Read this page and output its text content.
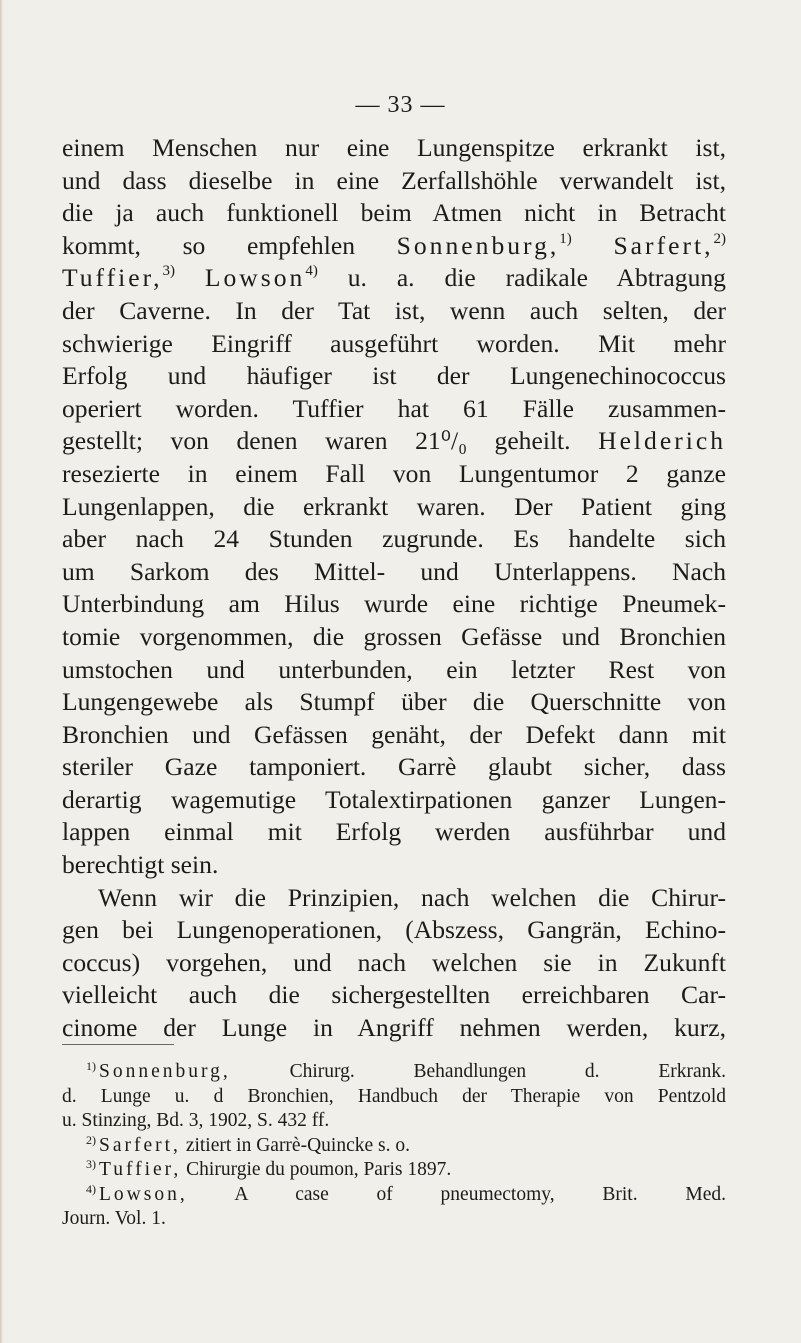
— 33 —
einem Menschen nur eine Lungenspitze erkrankt ist,
und dass dieselbe in eine Zerfallshöhle verwandelt ist,
die ja auch funktionell beim Atmen nicht in Betracht
kommt, so empfehlen Sonnenburg,$^{1)}$ Sarfert,$^{2)}$
Tuffier,$^{3)}$ Lowson$^{4)}$ u. a. die radikale Abtragung
der Caverne. In der Tat ist, wenn auch selten, der
schwierige Eingriff ausgeführt worden. Mit mehr
Erfolg und häufiger ist der Lungenechinococcus
operiert worden. Tuffier hat 61 Fälle zusammen-
gestellt; von denen waren 21⁰/₀ geheilt. Helderich
resezierte in einem Fall von Lungentumor 2 ganze
Lungenlappen, die erkrankt waren. Der Patient ging
aber nach 24 Stunden zugrunde. Es handelte sich
um Sarkom des Mittel- und Unterlappens. Nach
Unterbindung am Hilus wurde eine richtige Pneumek-
tomie vorgenommen, die grossen Gefässe und Bronchien
umstochen und unterbunden, ein letzter Rest von
Lungengewebe als Stumpf über die Querschnitte von
Bronchien und Gefässen genäht, der Defekt dann mit
steriler Gaze tamponiert. Garrè glaubt sicher, dass
derartig wagemutige Totalextirpationen ganzer Lungen-
lappen einmal mit Erfolg werden ausführbar und
berechtigt sein.
Wenn wir die Prinzipien, nach welchen die Chirur-
gen bei Lungenoperationen, (Abszess, Gangrän, Echino-
coccus) vorgehen, und nach welchen sie in Zukunft
vielleicht auch die sichergestellten erreichbaren Car-
cinome der Lunge in Angriff nehmen werden, kurz,
$^{1)}$ Sonnenburg,	Chirurg. Behandlungen d. Erkrank.
d. Lunge u. d Bronchien, Handbuch der Therapie von Pentzold
u. Stinzing, Bd. 3, 1902, S. 432 ff.
$^{2)}$ Sarfert, zitiert in Garrè-Quincke s. o.
$^{3)}$ Tuffier, Chirurgie du poumon, Paris 1897.
$^{4)}$ Lowson, A case of pneumectomy, Brit. Med.
Journ. Vol. 1.
